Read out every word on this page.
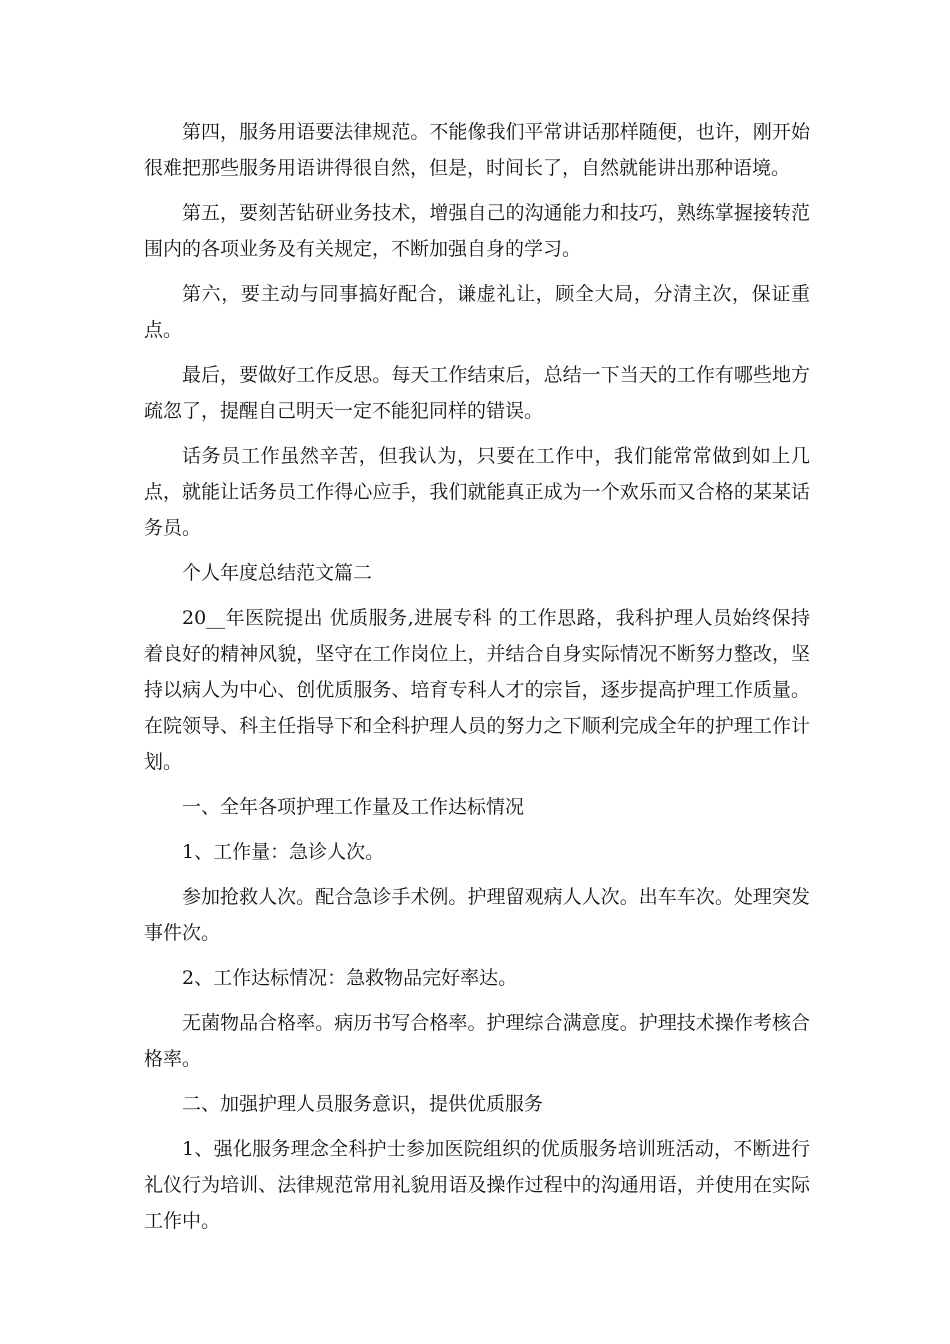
第四，服务用语要法律规范。不能像我们平常讲话那样随便，也许，刚开始很难把那些服务用语讲得很自然，但是，时间长了，自然就能讲出那种语境。

第五，要刻苦钻研业务技术，增强自己的沟通能力和技巧，熟练掌握接转范围内的各项业务及有关规定，不断加强自身的学习。

第六，要主动与同事搞好配合，谦虚礼让，顾全大局，分清主次，保证重点。

最后，要做好工作反思。每天工作结束后，总结一下当天的工作有哪些地方疏忽了，提醒自己明天一定不能犯同样的错误。

话务员工作虽然辛苦，但我认为，只要在工作中，我们能常常做到如上几点，就能让话务员工作得心应手，我们就能真正成为一个欢乐而又合格的某某话务员。

个人年度总结范文篇二

20__年医院提出 优质服务,进展专科 的工作思路，我科护理人员始终保持着良好的精神风貌，坚守在工作岗位上，并结合自身实际情况不断努力整改，坚持以病人为中心、创优质服务、培育专科人才的宗旨，逐步提高护理工作质量。在院领导、科主任指导下和全科护理人员的努力之下顺利完成全年的护理工作计划。

一、全年各项护理工作量及工作达标情况

1、工作量：急诊人次。

参加抢救人次。配合急诊手术例。护理留观病人人次。出车车次。处理突发事件次。

2、工作达标情况：急救物品完好率达。

无菌物品合格率。病历书写合格率。护理综合满意度。护理技术操作考核合格率。

二、加强护理人员服务意识，提供优质服务

1、强化服务理念全科护士参加医院组织的优质服务培训班活动，不断进行礼仪行为培训、法律规范常用礼貌用语及操作过程中的沟通用语，并使用在实际工作中。
